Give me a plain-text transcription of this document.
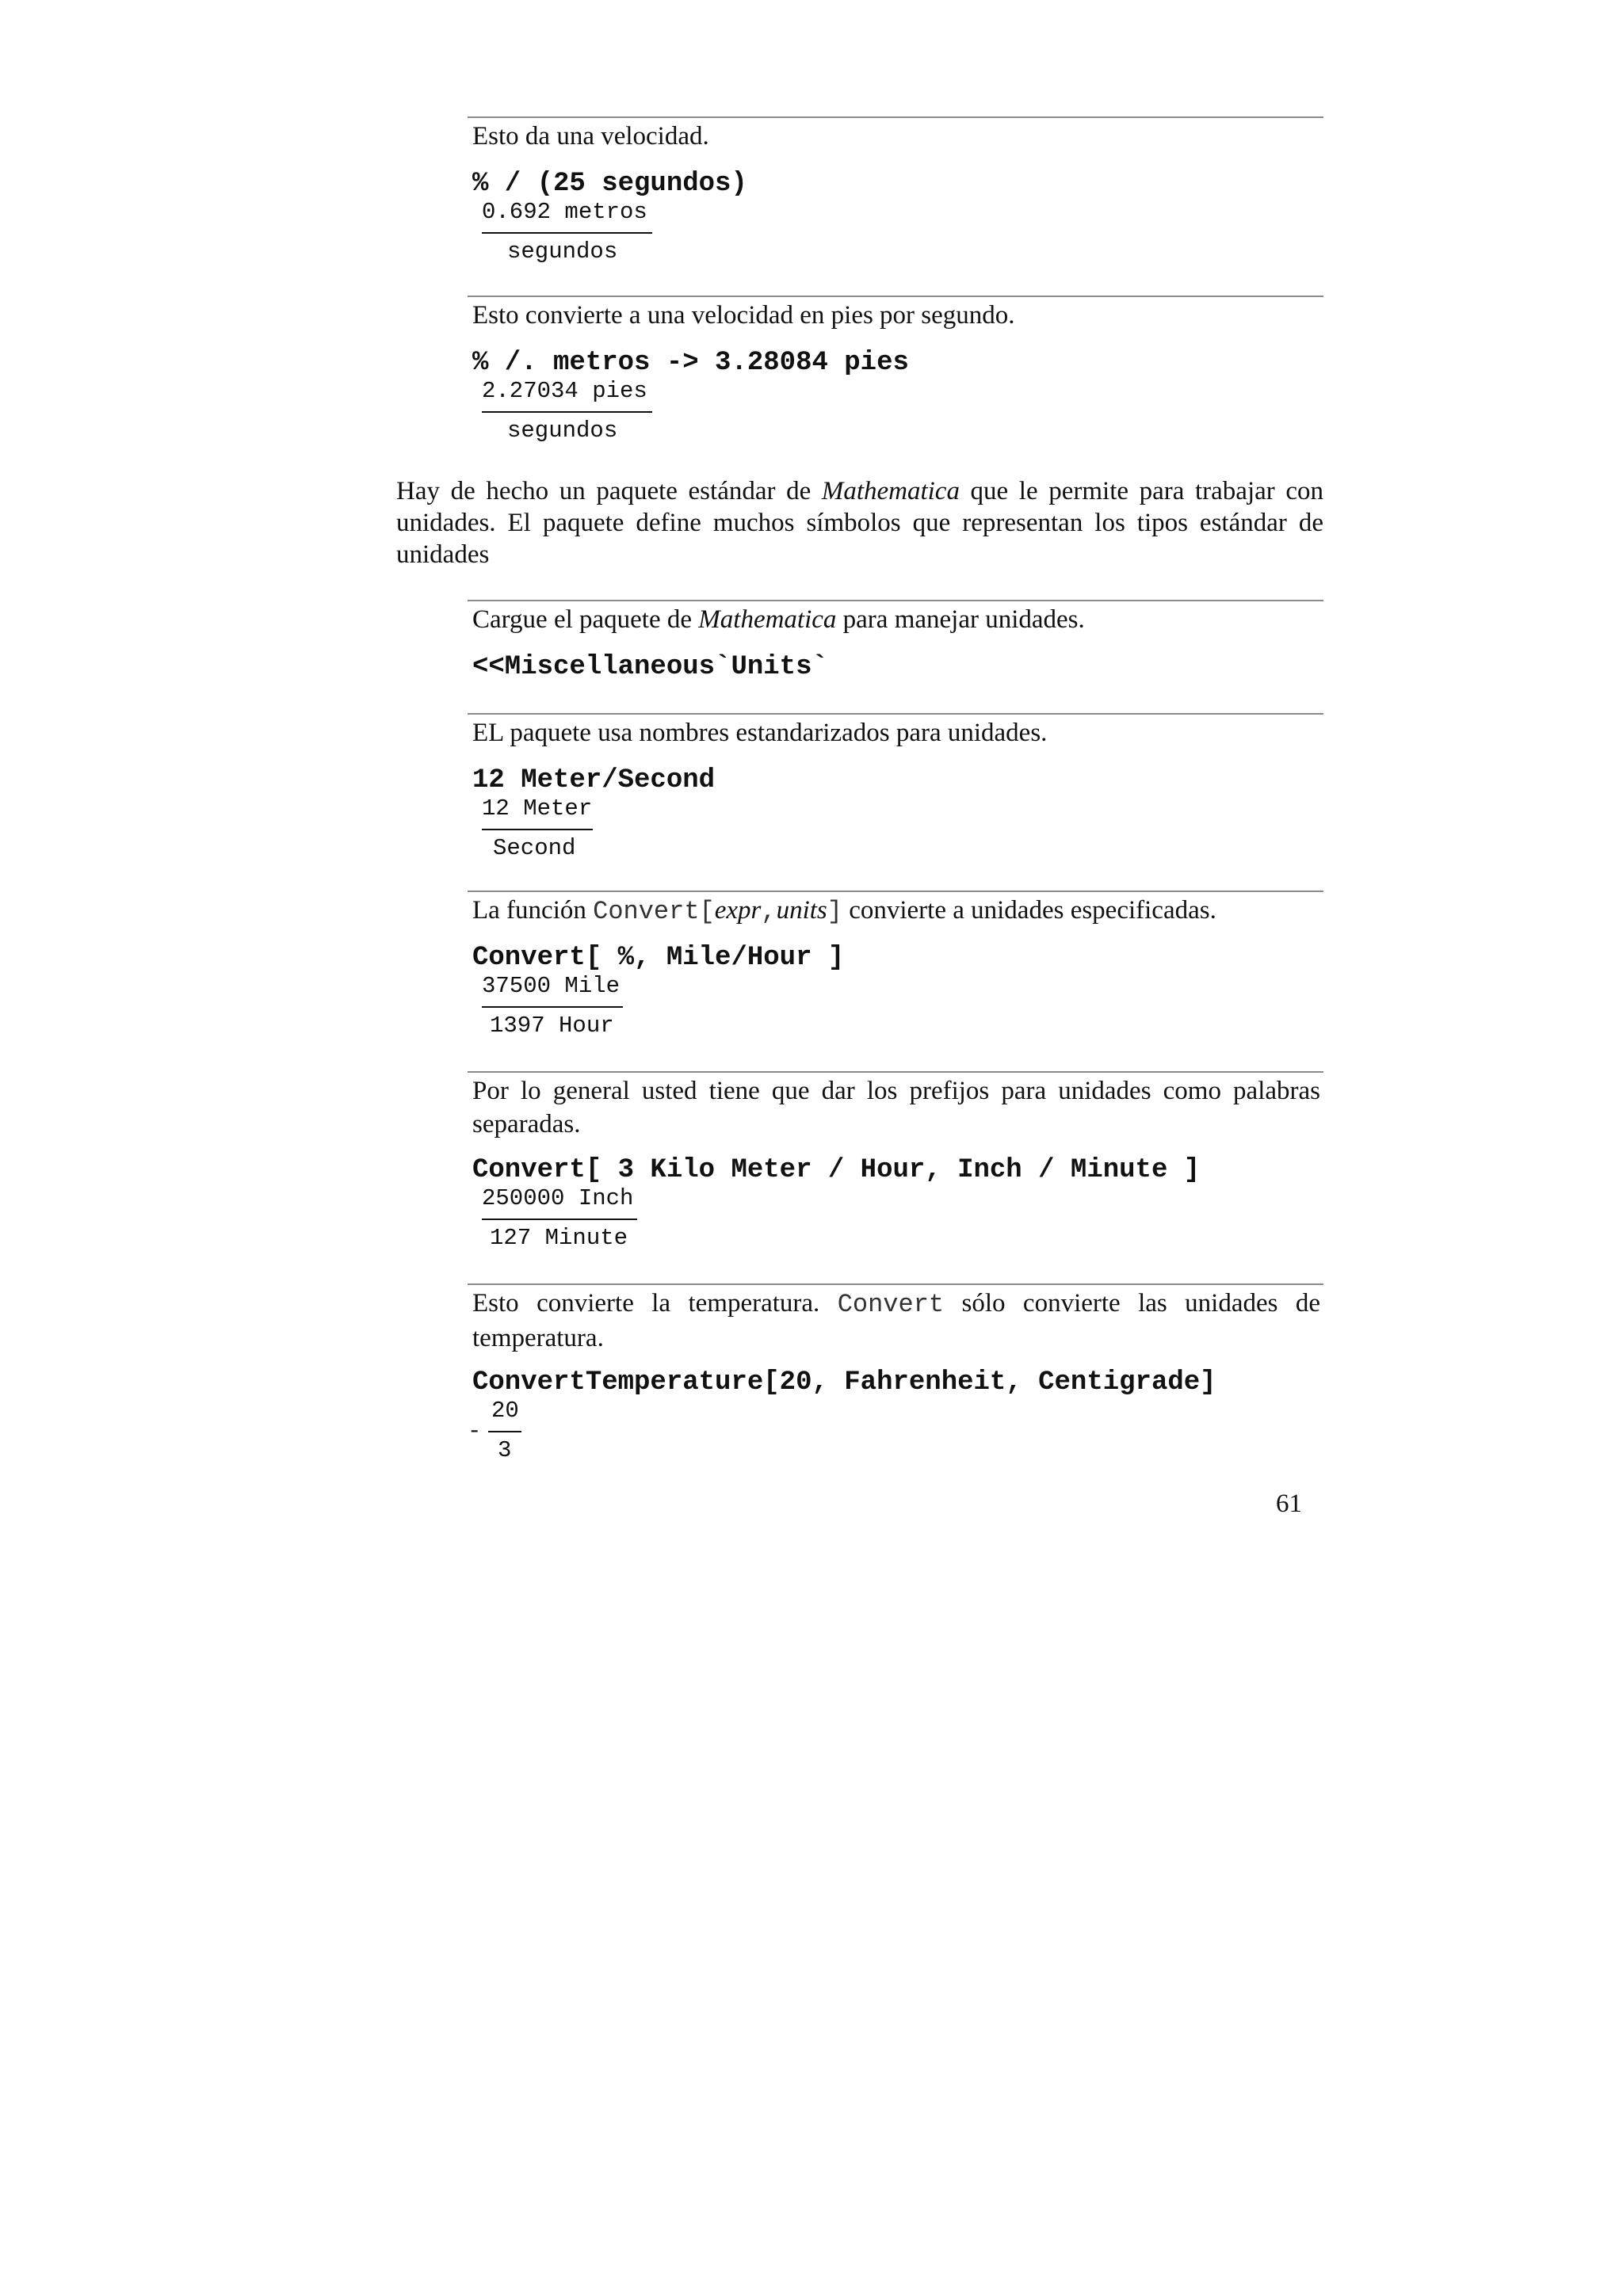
Esto da una velocidad.
% / (25 segundos)
0.692 metros
segundos
Esto convierte a una velocidad en pies por segundo.
% /. metros -> 3.28084 pies
2.27034 pies
segundos
Hay de hecho un paquete estándar de Mathematica que le permite para trabajar con unidades. El paquete define muchos símbolos que representan los tipos estándar de unidades
Cargue el paquete de Mathematica para manejar unidades.
<<Miscellaneous`Units`
EL paquete usa nombres estandarizados para unidades.
12 Meter/Second
12 Meter
Second
La función Convert[expr,units] convierte a unidades especificadas.
Convert[ %, Mile/Hour ]
37500 Mile
1397 Hour
Por lo general usted tiene que dar los prefijos para unidades como palabras separadas.
Convert[ 3 Kilo Meter / Hour, Inch / Minute ]
250000 Inch
127 Minute
Esto convierte la temperatura. Convert sólo convierte las unidades de temperatura.
ConvertTemperature[20, Fahrenheit, Centigrade]
-
20
3
61
